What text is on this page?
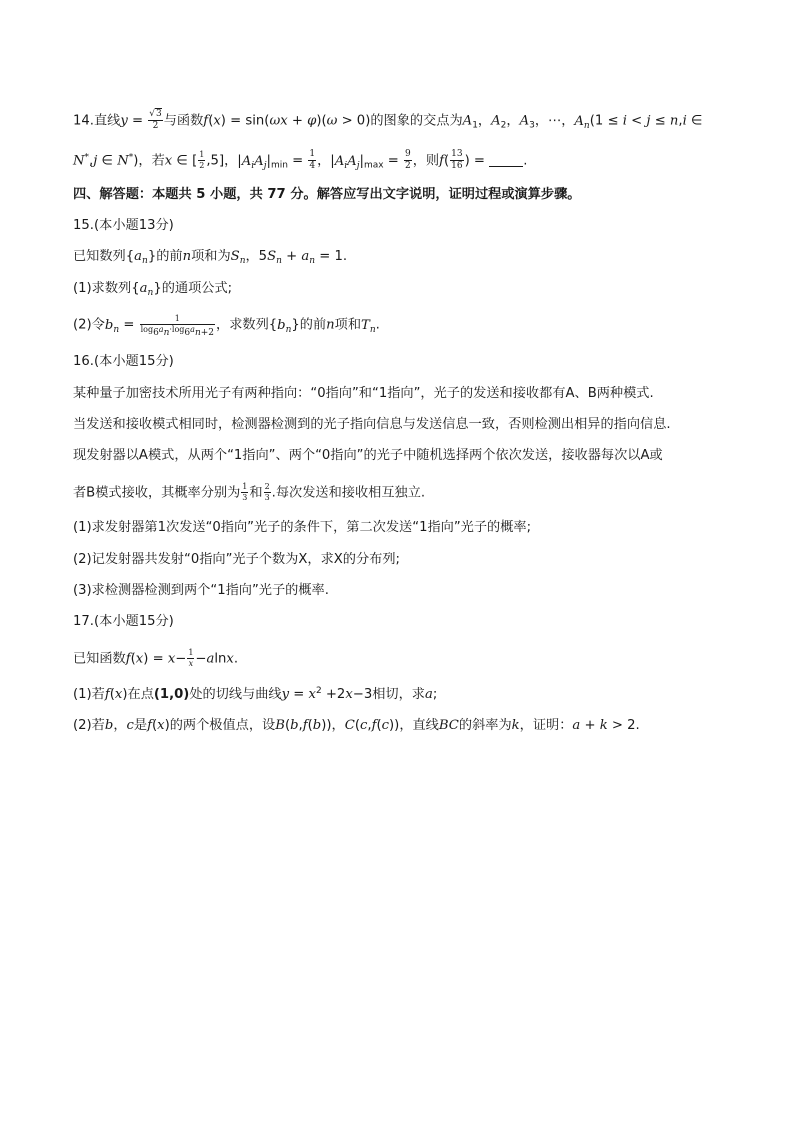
14.直线$y = \frac{√3}{2}$ 与函数f(x) = sin(ωx + φ)(ω > 0)的图象的交点为$A_1$，$A_2$，$A_3$，⋯，$A_n(1 \le i < j \le n,i$ ∈
N*,j ∈ N*)，若x ∈ [ $\frac{1}{2} ,5$]，$|A_iA_j|_{min} = \frac{1}{4}$ ，$|A_iA_j|_{max} = \frac{9}{2}$ ，则$f( \frac{13}{16}$ ) =	.
四、解答题：本题共 5 小题，共 77 分。解答应写出文字说明，证明过程或演算步骤。
15.(本小题13分)
已知数列$\{a_n\}$的前n项和为$S_n$，$5S_n + a_n = 1$.
(1)求数列$\{a_n\}$的通项公式;
(2)令$b_n = \frac{1}{\log_6a_n\cdot\log_6a_{n+2}}$ ，求数列$\{b_n\}$的前n项和$T_n$.
16.(本小题15分)
某种量子加密技术所用光子有两种指向：“0指向”和“1指向”，光子的发送和接收都有A、B两种模式.
当发送和接收模式相同时，检测器检测到的光子指向信息与发送信息一致，否则检测出相异的指向信息.
现发射器以A模式，从两个“1指向”、两个“0指向”的光子中随机选择两个依次发送，接收器每次以A或
者B模式接收，其概率分别为 $\frac{1}{3}$ 和 $\frac{2}{3}$ .每次发送和接收相互独立.
(1)求发射器第1次发送“0指向”光子的条件下，第二次发送“1指向”光子的概率;
(2)记发射器共发射“0指向”光子个数为X，求X的分布列;
(3)求检测器检测到两个“1指向”光子的概率.
17.(本小题15分)
已知函数$f(x) = x- \frac{1}{x} -alnx$.
(1)若f(x)在点(1,0)处的切线与曲线$y = x^2 +2x-3$相切，求a;
(2)若b，c是f(x)的两个极值点，设B(b,f(b))，C(c,f(c))，直线BC的斜率为k，证明：a + k > 2.
